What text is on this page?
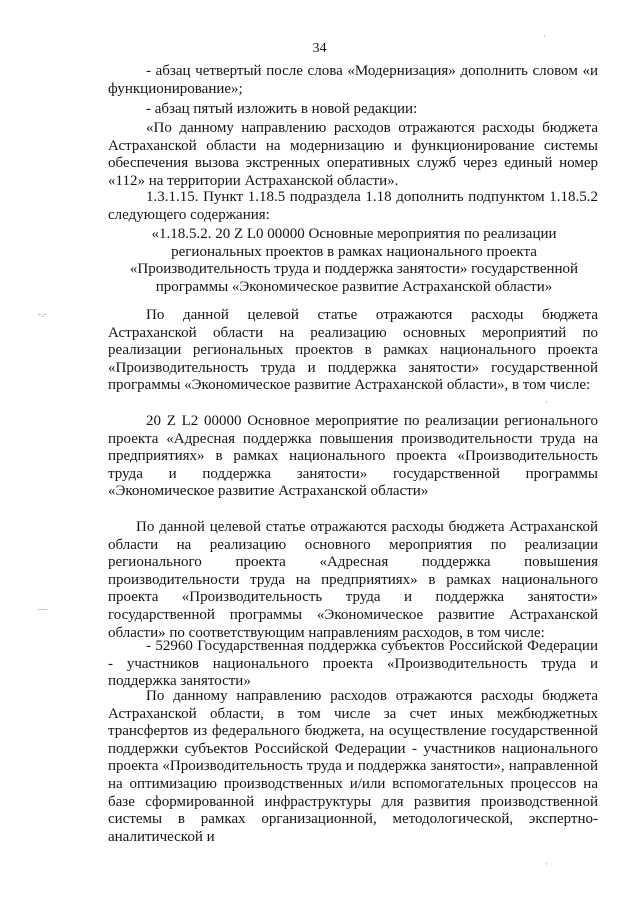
34

- абзац четвертый после слова «Модернизация» дополнить словом «и функционирование»;

- абзац пятый изложить в новой редакции:

«По данному направлению расходов отражаются расходы бюджета Астраханской области на модернизацию и функционирование системы обеспечения вызова экстренных оперативных служб через единый номер «112» на территории Астраханской области».

1.3.1.15. Пункт 1.18.5 подраздела 1.18 дополнить подпунктом 1.18.5.2 следующего содержания:

«1.18.5.2. 20 Z L0 00000 Основные мероприятия по реализации региональных проектов в рамках национального проекта «Производительность труда и поддержка занятости» государственной программы «Экономическое развитие Астраханской области»

По данной целевой статье отражаются расходы бюджета Астраханской области на реализацию основных мероприятий по реализации региональных проектов в рамках национального проекта «Производительность труда и поддержка занятости» государственной программы «Экономическое развитие Астраханской области», в том числе:

20 Z L2 00000 Основное мероприятие по реализации регионального проекта «Адресная поддержка повышения производительности труда на предприятиях» в рамках национального проекта «Производительность труда и поддержка занятости» государственной программы «Экономическое развитие Астраханской области»

По данной целевой статье отражаются расходы бюджета Астраханской области на реализацию основного мероприятия по реализации регионального проекта «Адресная поддержка повышения производительности труда на предприятиях» в рамках национального проекта «Производительность труда и поддержка занятости» государственной программы «Экономическое развитие Астраханской области» по соответствующим направлениям расходов, в том числе:

- 52960 Государственная поддержка субъектов Российской Федерации - участников национального проекта «Производительность труда и поддержка занятости»

По данному направлению расходов отражаются расходы бюджета Астраханской области, в том числе за счет иных межбюджетных трансфертов из федерального бюджета, на осуществление государственной поддержки субъектов Российской Федерации - участников национального проекта «Производительность труда и поддержка занятости», направленной на оптимизацию производственных и/или вспомогательных процессов на базе сформированной инфраструктуры для развития производственной системы в рамках организационной, методологической, экспертно-аналитической и

-.-
—
·
·
·
